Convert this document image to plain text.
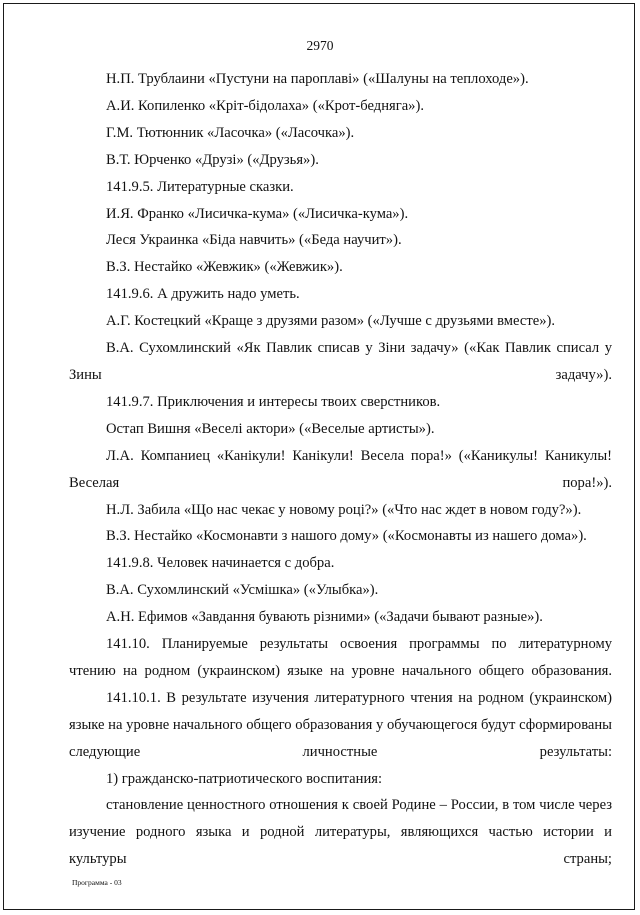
2970

Н.П. Трублаини «Пустуни на пароплаві» («Шалуны на теплоходе»).

А.И. Копиленко «Кріт-бідолаха» («Крот-бедняга»).

Г.М. Тютюнник «Ласочка» («Ласочка»).

В.Т. Юрченко «Друзі» («Друзья»).

141.9.5. Литературные сказки.

И.Я. Франко «Лисичка-кума» («Лисичка-кума»).

Леся Украинка «Біда навчить» («Беда научит»).

В.З. Нестайко «Жевжик» («Жевжик»).

141.9.6. А дружить надо уметь.

А.Г. Костецкий «Краще з друзями разом» («Лучше с друзьями вместе»).

В.А. Сухомлинский «Як Павлик списав у Зіни задачу» («Как Павлик списал у Зины задачу»).

141.9.7. Приключения и интересы твоих сверстников.

Остап Вишня «Веселі актори» («Веселые артисты»).

Л.А. Компаниец «Канікули! Канікули! Весела пора!» («Каникулы! Каникулы! Веселая пора!»).

Н.Л. Забила «Що нас чекає у новому році?» («Что нас ждет в новом году?»).

В.З. Нестайко «Космонавти з нашого дому» («Космонавты из нашего дома»).

141.9.8. Человек начинается с добра.

В.А. Сухомлинский «Усмішка» («Улыбка»).

А.Н. Ефимов «Завдання бувають різними» («Задачи бывают разные»).

141.10. Планируемые результаты освоения программы по литературному чтению на родном (украинском) языке на уровне начального общего образования.

141.10.1. В результате изучения литературного чтения на родном (украинском) языке на уровне начального общего образования у обучающегося будут сформированы следующие личностные результаты:

1) гражданско-патриотического воспитания:

становление ценностного отношения к своей Родине – России, в том числе через изучение родного языка и родной литературы, являющихся частью истории и культуры страны;

Программа - 03
